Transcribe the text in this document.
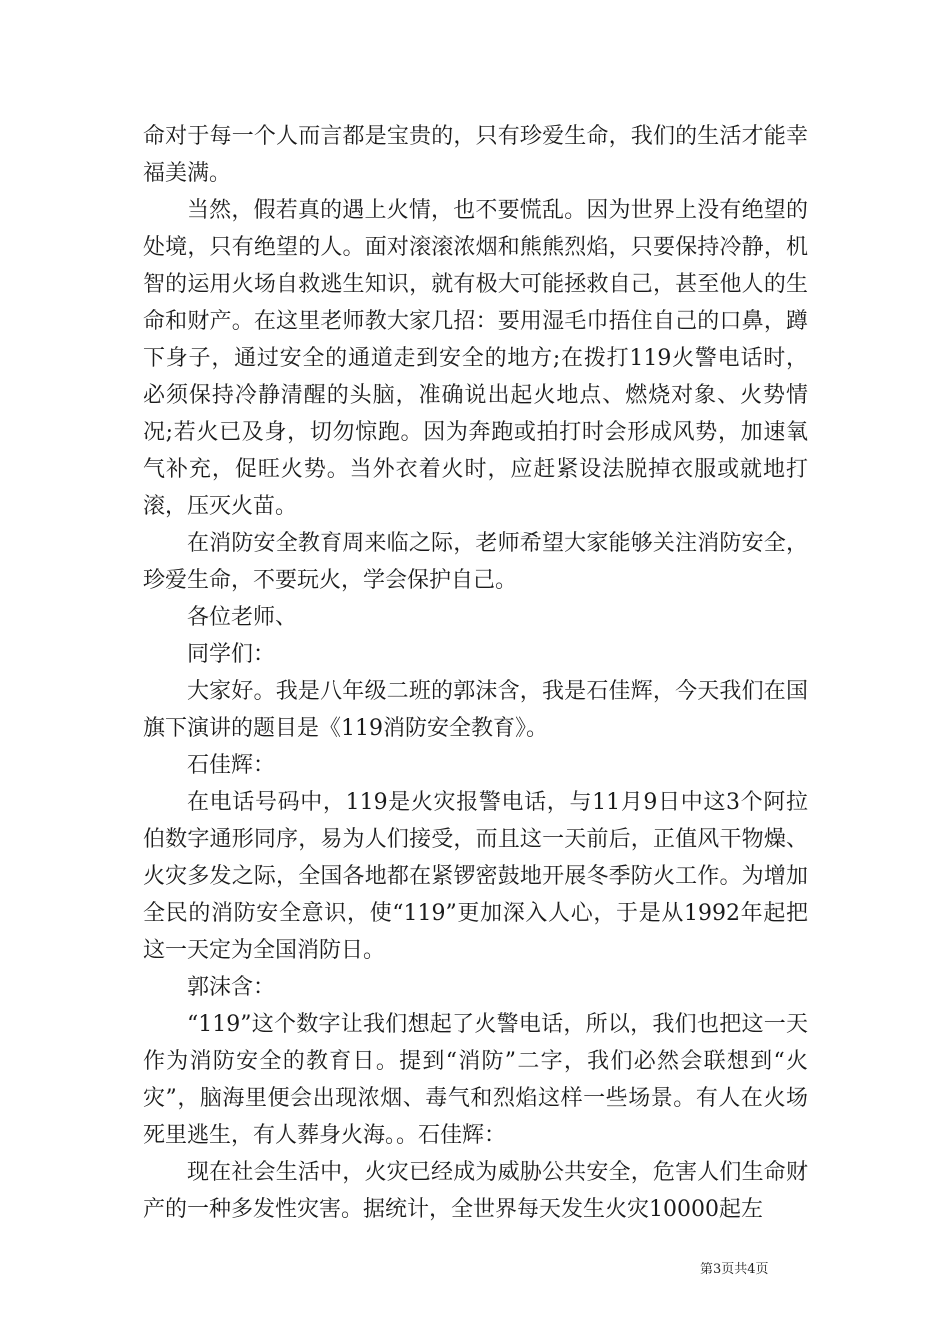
命对于每一个人而言都是宝贵的，只有珍爱生命，我们的生活才能幸福美满。

当然，假若真的遇上火情，也不要慌乱。因为世界上没有绝望的处境，只有绝望的人。面对滚滚浓烟和熊熊烈焰，只要保持冷静，机智的运用火场自救逃生知识，就有极大可能拯救自己，甚至他人的生命和财产。在这里老师教大家几招：要用湿毛巾捂住自己的口鼻，蹲下身子，通过安全的通道走到安全的地方;在拨打119火警电话时，必须保持冷静清醒的头脑，准确说出起火地点、燃烧对象、火势情况;若火已及身，切勿惊跑。因为奔跑或拍打时会形成风势，加速氧气补充，促旺火势。当外衣着火时，应赶紧设法脱掉衣服或就地打滚，压灭火苗。

在消防安全教育周来临之际，老师希望大家能够关注消防安全，珍爱生命，不要玩火，学会保护自己。

各位老师、

同学们：

大家好。我是八年级二班的郭沫含，我是石佳辉，今天我们在国旗下演讲的题目是《119消防安全教育》。

石佳辉：

在电话号码中，119是火灾报警电话，与11月9日中这3个阿拉伯数字通形同序，易为人们接受，而且这一天前后，正值风干物燥、火灾多发之际，全国各地都在紧锣密鼓地开展冬季防火工作。为增加全民的消防安全意识，使“119”更加深入人心，于是从1992年起把这一天定为全国消防日。

郭沫含：

“119”这个数字让我们想起了火警电话，所以，我们也把这一天作为消防安全的教育日。提到“消防”二字，我们必然会联想到“火灾”，脑海里便会出现浓烟、毒气和烈焰这样一些场景。有人在火场死里逃生，有人葬身火海。。石佳辉：

现在社会生活中，火灾已经成为威胁公共安全，危害人们生命财产的一种多发性灾害。据统计，全世界每天发生火灾10000起左

第3页共4页
